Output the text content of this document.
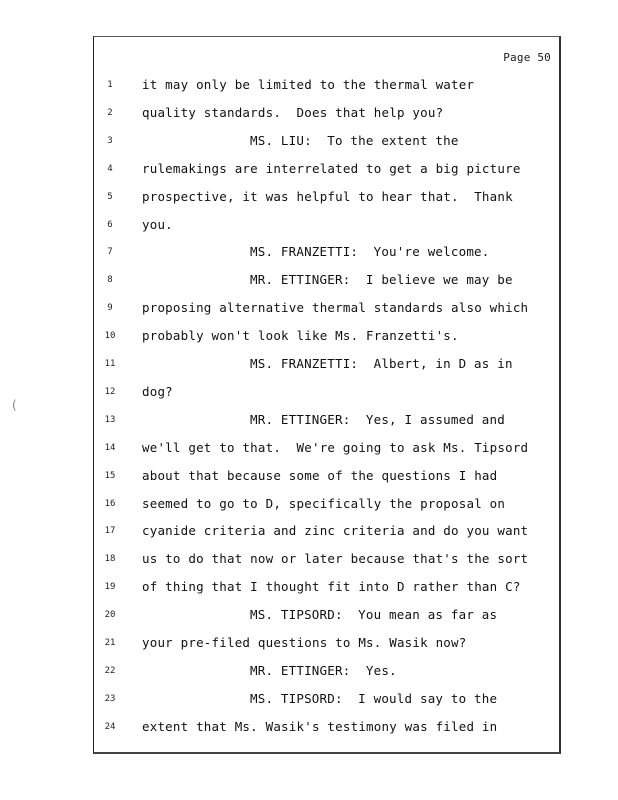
Page 50
1	it may only be limited to the thermal water
2	quality standards.  Does that help you?
3	MS. LIU:  To the extent the
4	rulemakings are interrelated to get a big picture
5	prospective, it was helpful to hear that.  Thank
6	you.
7	MS. FRANZETTI:  You're welcome.
8	MR. ETTINGER:  I believe we may be
9	proposing alternative thermal standards also which
10	probably won't look like Ms. Franzetti's.
11	MS. FRANZETTI:  Albert, in D as in
12	dog?
13	MR. ETTINGER:  Yes, I assumed and
14	we'll get to that.  We're going to ask Ms. Tipsord
15	about that because some of the questions I had
16	seemed to go to D, specifically the proposal on
17	cyanide criteria and zinc criteria and do you want
18	us to do that now or later because that's the sort
19	of thing that I thought fit into D rather than C?
20	MS. TIPSORD:  You mean as far as
21	your pre-filed questions to Ms. Wasik now?
22	MR. ETTINGER:  Yes.
23	MS. TIPSORD:  I would say to the
24	extent that Ms. Wasik's testimony was filed in
(
